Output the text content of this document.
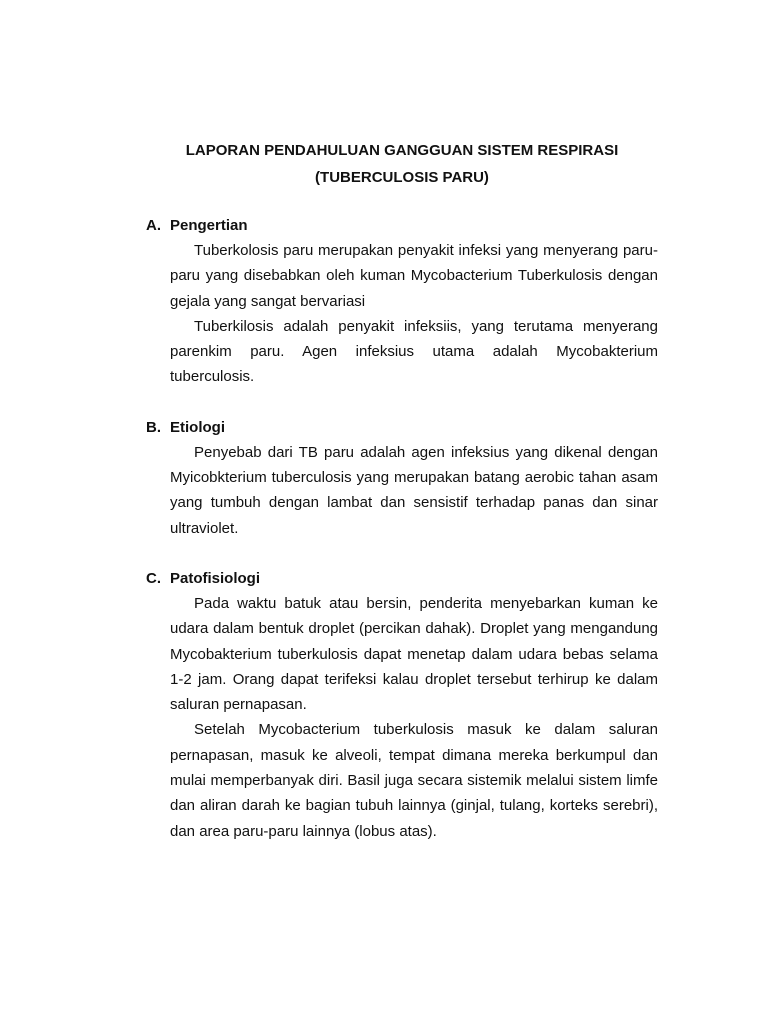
LAPORAN PENDAHULUAN GANGGUAN SISTEM RESPIRASI
(TUBERCULOSIS PARU)
A. Pengertian

Tuberkolosis paru merupakan penyakit infeksi yang menyerang paru-paru yang disebabkan oleh kuman Mycobacterium Tuberkulosis dengan gejala yang sangat bervariasi

Tuberkilosis adalah penyakit infeksiis, yang terutama menyerang parenkim paru. Agen infeksius utama adalah Mycobakterium tuberculosis.

B. Etiologi

Penyebab dari TB paru adalah agen infeksius yang dikenal dengan Myicobkterium tuberculosis yang merupakan batang aerobic tahan asam yang tumbuh dengan lambat dan sensistif terhadap panas dan sinar ultraviolet.

C. Patofisiologi

Pada waktu batuk atau bersin, penderita menyebarkan kuman ke udara dalam bentuk droplet (percikan dahak). Droplet yang mengandung Mycobakterium tuberkulosis dapat menetap dalam udara bebas selama 1-2 jam. Orang dapat terifeksi kalau droplet tersebut terhirup ke dalam saluran pernapasan.

Setelah Mycobacterium tuberkulosis masuk ke dalam saluran pernapasan, masuk ke alveoli, tempat dimana mereka berkumpul dan mulai memperbanyak diri. Basil juga secara sistemik melalui sistem limfe dan aliran darah ke bagian tubuh lainnya (ginjal, tulang, korteks serebri), dan area paru-paru lainnya (lobus atas).
